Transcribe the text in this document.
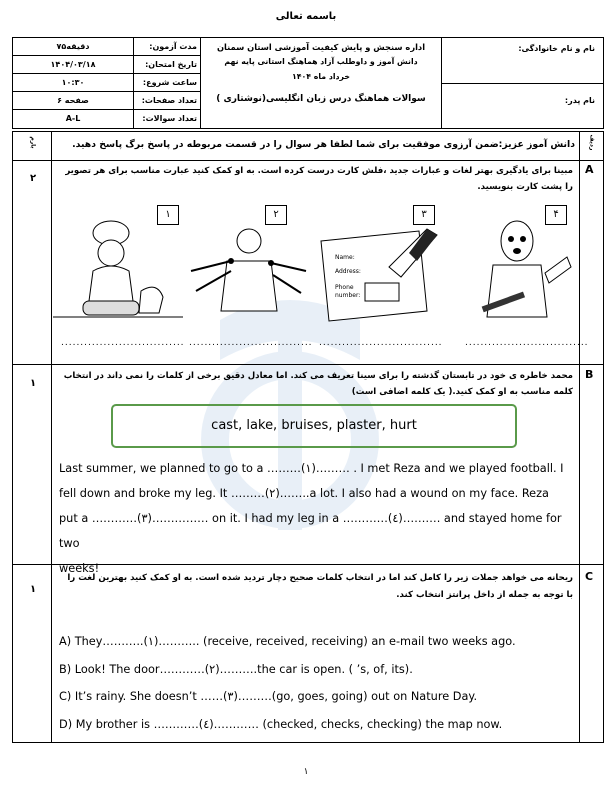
باسمه تعالی
نام و نام خانوادگی:
نام پدر:
اداره سنجش و پایش کیفیت آموزشی استان سمنان
دانش آموز و داوطلب آزاد هماهنگ استانی پایه نهم
خرداد ماه ۱۴۰۴
سوالات هماهنگ درس زبان انگلیسی(نوشتاری )
مدت آزمون:
تاریخ امتحان:
ساعت شروع:
تعداد صفحات:
تعداد سوالات:
۷۵دقیقه
۱۴۰۴/۰۳/۱۸
۱۰:۳۰
۶ صفحه
A-L
ردیف
بارم	دانش آموز عزیز:ضمن آرزوی موفقیت برای شما لطفا هر سوال را در قسمت مربوطه در پاسخ برگ پاسخ دهید.
A
۲
مبینا برای یادگیری بهتر لغات و عبارات جدید ،فلش کارت درست کرده است. به او کمک کنید عبارت مناسب برای هر تصویر را پشت کارت بنویسید.
۱
................................
۲
................................
۳
Name:
Address:
Phone
number:
................................
۴
................................
B
۱
محمد خاطره ی خود در تابستان گذشته را برای سینا تعریف می کند. اما معادل دقیق برخی از کلمات را نمی داند در انتخاب کلمه مناسب به او کمک کنید.( یک کلمه اضافی است)
cast, lake, bruises, plaster, hurt
Last summer, we planned to go to a ………(١)……… . I met Reza and we played football. I
fell down and broke my leg. It ………(٢)……..a lot. I also had a wound on my face. Reza
put a …………(٣)…………… on it. I had my leg in a …………(٤)………. and stayed home for two
weeks!
C
۱
ریحانه می خواهد جملات زیر را کامل کند اما در انتخاب کلمات صحیح دچار تردید شده است. به او کمک کنید بهترین لغت را با توجه به جمله از داخل پرانتز انتخاب کند.
A) They………..(١)……….. (receive, received, receiving) an e-mail two weeks ago.
B) Look! The door…………(٢)……….the car is open. ( ’s, of, its).
C) It’s rainy. She doesn’t ……(٣)………(go, goes, going) out on Nature Day.
D) My brother is …………(٤)………… (checked, checks, checking) the map now.
۱
